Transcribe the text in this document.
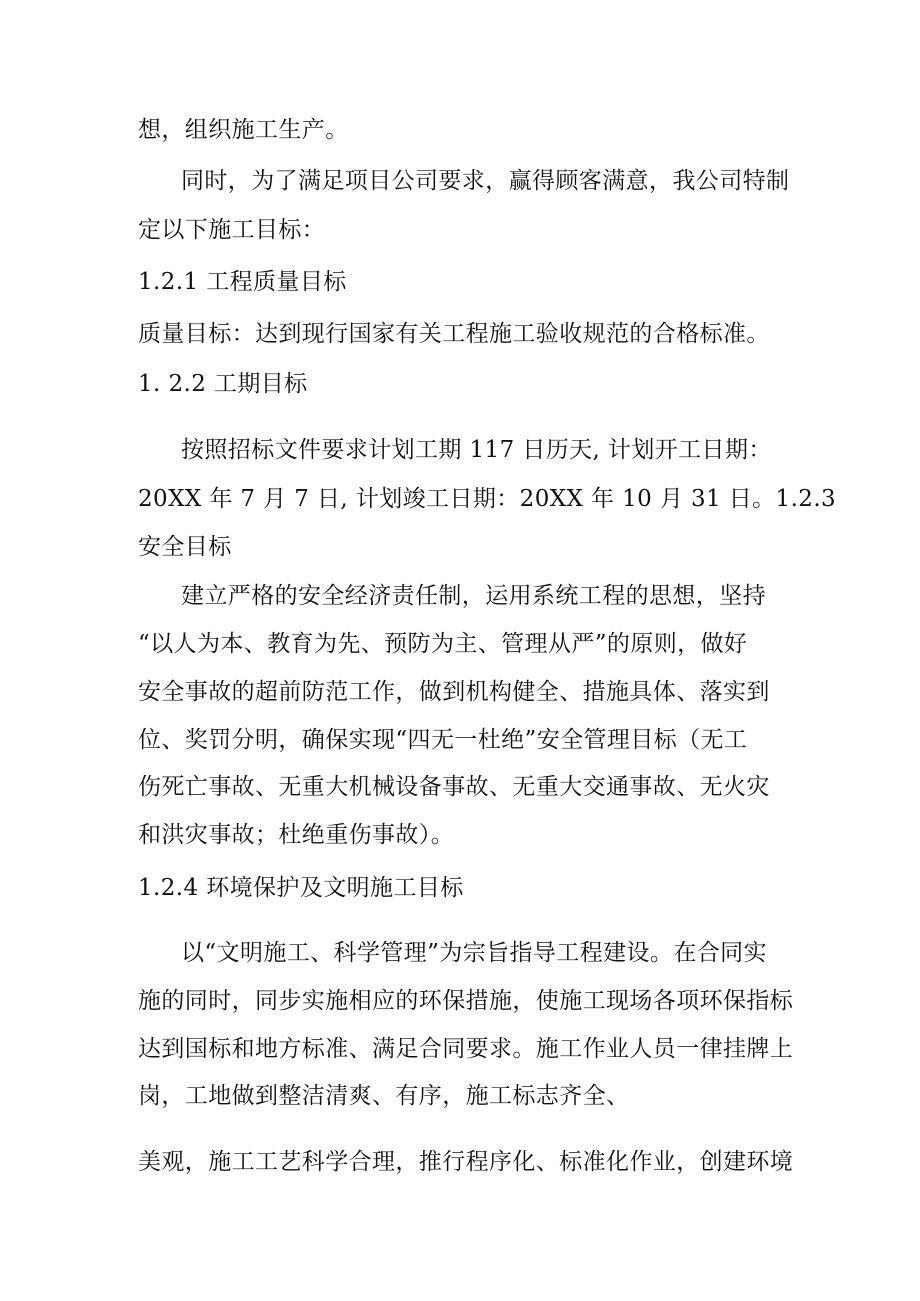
想，组织施工生产。
同时，为了满足项目公司要求，赢得顾客满意，我公司特制
定以下施工目标：
1.2.1 工程质量目标
质量目标：达到现行国家有关工程施工验收规范的合格标准。
1. 2.2 工期目标
按照招标文件要求计划工期 117 日历天, 计划开工日期：
20XX 年 7 月 7 日, 计划竣工日期：20XX 年 10 月 31 日。1.2.3
安全目标
建立严格的安全经济责任制，运用系统工程的思想，坚持
“以人为本、教育为先、预防为主、管理从严”的原则，做好
安全事故的超前防范工作，做到机构健全、措施具体、落实到
位、奖罚分明，确保实现“四无一杜绝”安全管理目标（无工
伤死亡事故、无重大机械设备事故、无重大交通事故、无火灾
和洪灾事故；杜绝重伤事故）。
1.2.4 环境保护及文明施工目标
以“文明施工、科学管理”为宗旨指导工程建设。在合同实
施的同时，同步实施相应的环保措施，使施工现场各项环保指标
达到国标和地方标准、满足合同要求。施工作业人员一律挂牌上
岗，工地做到整洁清爽、有序，施工标志齐全、
美观，施工工艺科学合理，推行程序化、标准化作业，创建环境
